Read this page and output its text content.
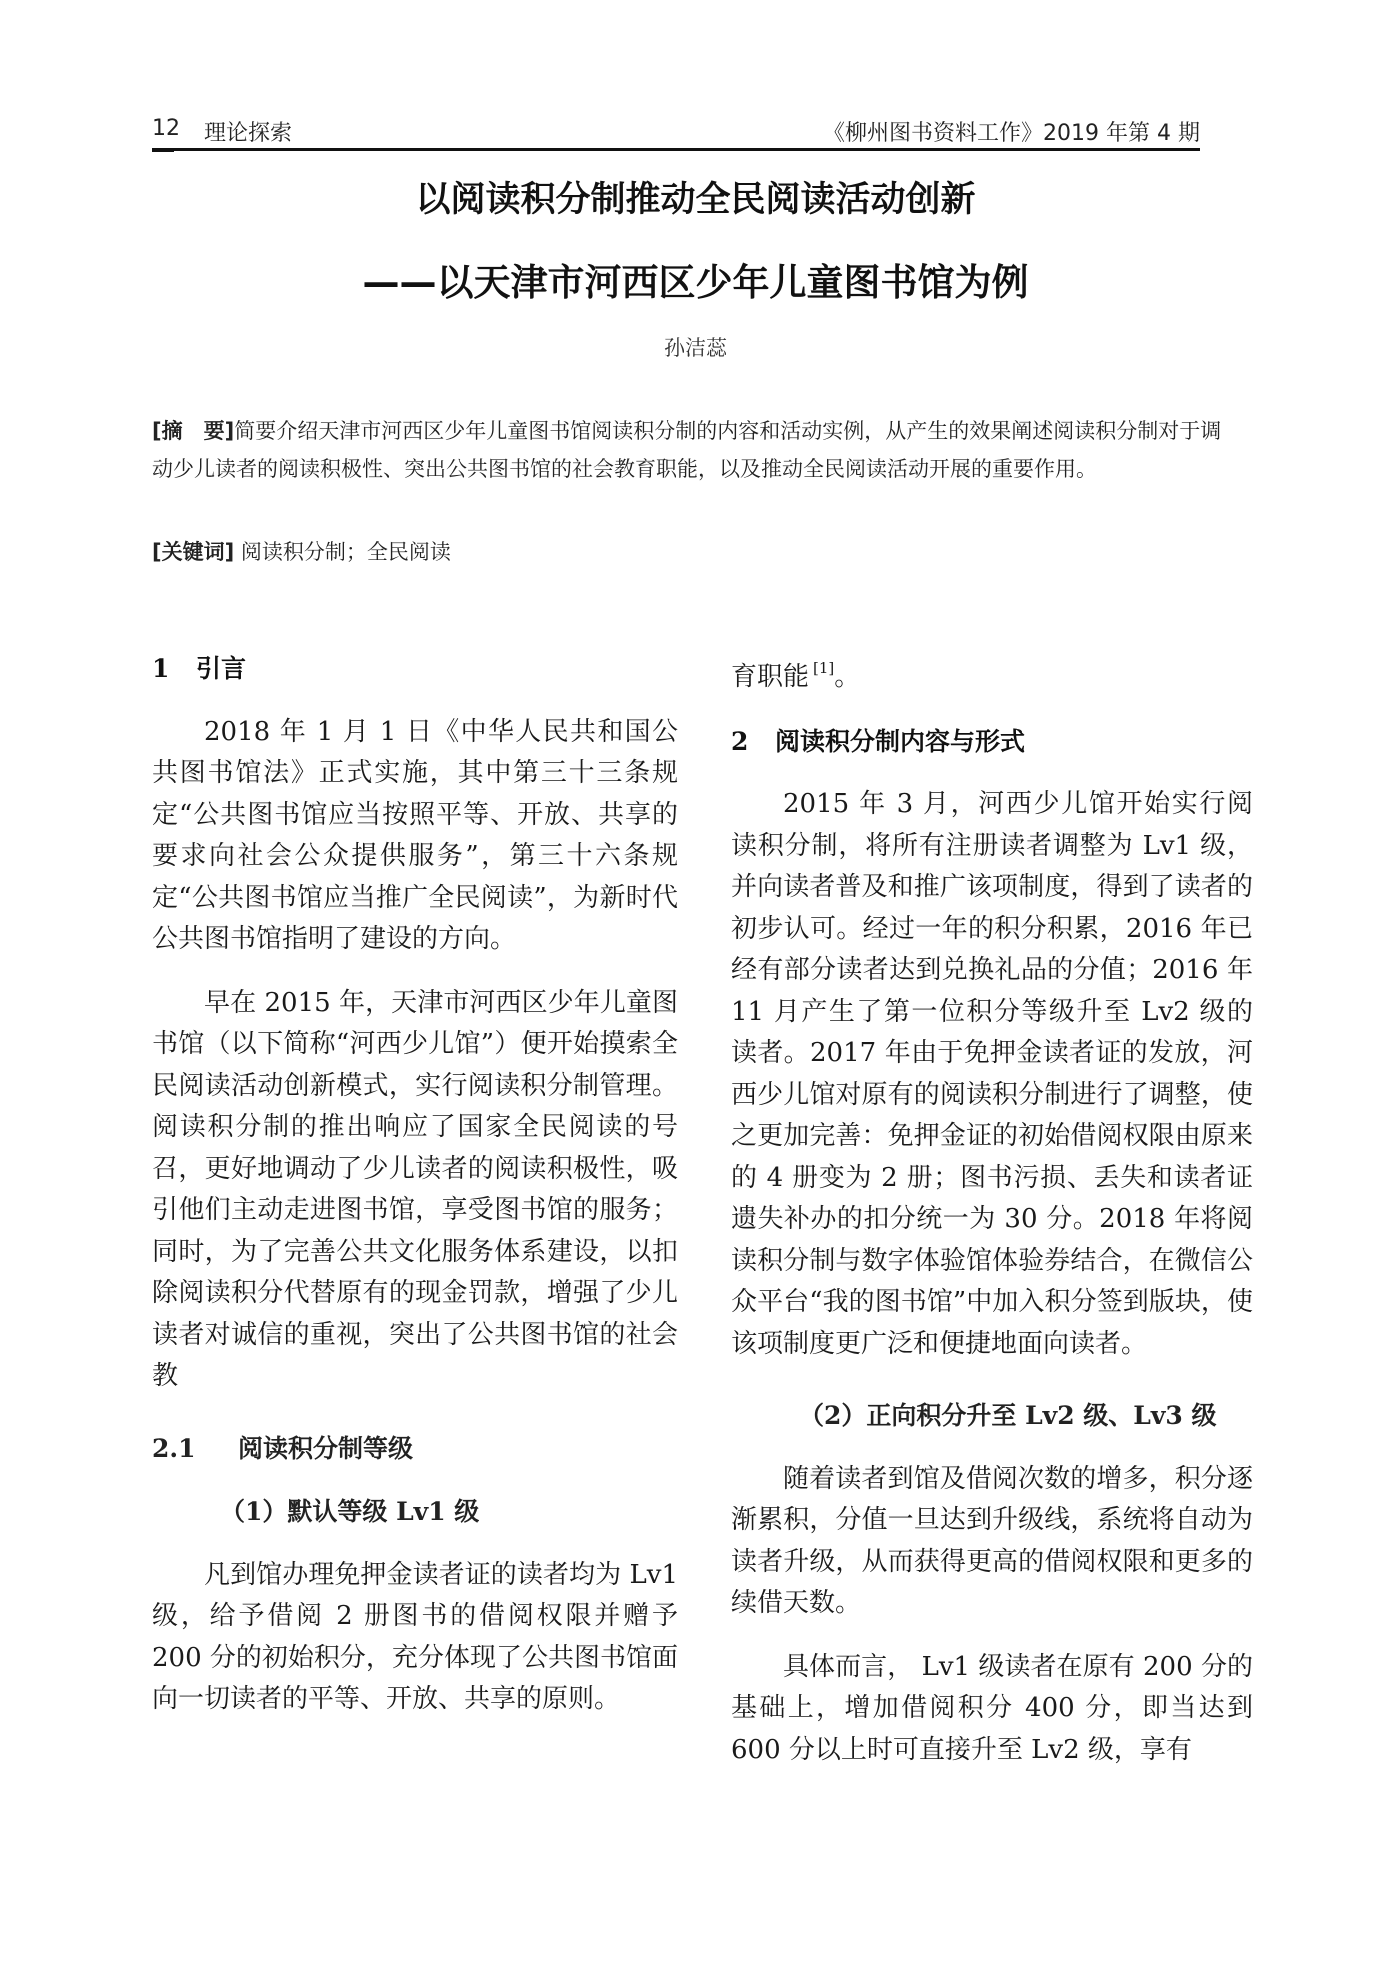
12 理论探索	《柳州图书资料工作》2019 年第 4 期
以阅读积分制推动全民阅读活动创新
——以天津市河西区少年儿童图书馆为例
孙洁蕊
[摘　要]简要介绍天津市河西区少年儿童图书馆阅读积分制的内容和活动实例，从产生的效果阐述阅读积分制对于调动少儿读者的阅读积极性、突出公共图书馆的社会教育职能，以及推动全民阅读活动开展的重要作用。
[关键词] 阅读积分制；全民阅读
1 引言

2018 年 1 月 1 日《中华人民共和国公共图书馆法》正式实施，其中第三十三条规定“公共图书馆应当按照平等、开放、共享的要求向社会公众提供服务”，第三十六条规定“公共图书馆应当推广全民阅读”，为新时代公共图书馆指明了建设的方向。

早在 2015 年，天津市河西区少年儿童图书馆（以下简称“河西少儿馆”）便开始摸索全民阅读活动创新模式，实行阅读积分制管理。阅读积分制的推出响应了国家全民阅读的号召，更好地调动了少儿读者的阅读积极性，吸引他们主动走进图书馆，享受图书馆的服务；同时，为了完善公共文化服务体系建设，以扣除阅读积分代替原有的现金罚款，增强了少儿读者对诚信的重视，突出了公共图书馆的社会教

2.1 阅读积分制等级
（1）默认等级 Lv1 级

凡到馆办理免押金读者证的读者均为 Lv1 级，给予借阅 2 册图书的借阅权限并赠予 200 分的初始积分，充分体现了公共图书馆面向一切读者的平等、开放、共享的原则。

育职能 [1]。

2 阅读积分制内容与形式

2015 年 3 月，河西少儿馆开始实行阅读积分制，将所有注册读者调整为 Lv1 级，并向读者普及和推广该项制度，得到了读者的初步认可。经过一年的积分积累，2016 年已经有部分读者达到兑换礼品的分值；2016 年 11 月产生了第一位积分等级升至 Lv2 级的读者。2017 年由于免押金读者证的发放，河西少儿馆对原有的阅读积分制进行了调整，使之更加完善：免押金证的初始借阅权限由原来的 4 册变为 2 册；图书污损、丢失和读者证遗失补办的扣分统一为 30 分。2018 年将阅读积分制与数字体验馆体验券结合，在微信公众平台“我的图书馆”中加入积分签到版块，使该项制度更广泛和便捷地面向读者。

（2）正向积分升至 Lv2 级、Lv3 级

随着读者到馆及借阅次数的增多，积分逐渐累积，分值一旦达到升级线，系统将自动为读者升级，从而获得更高的借阅权限和更多的续借天数。

具体而言， Lv1 级读者在原有 200 分的基础上，增加借阅积分 400 分，即当达到 600 分以上时可直接升至 Lv2 级，享有
